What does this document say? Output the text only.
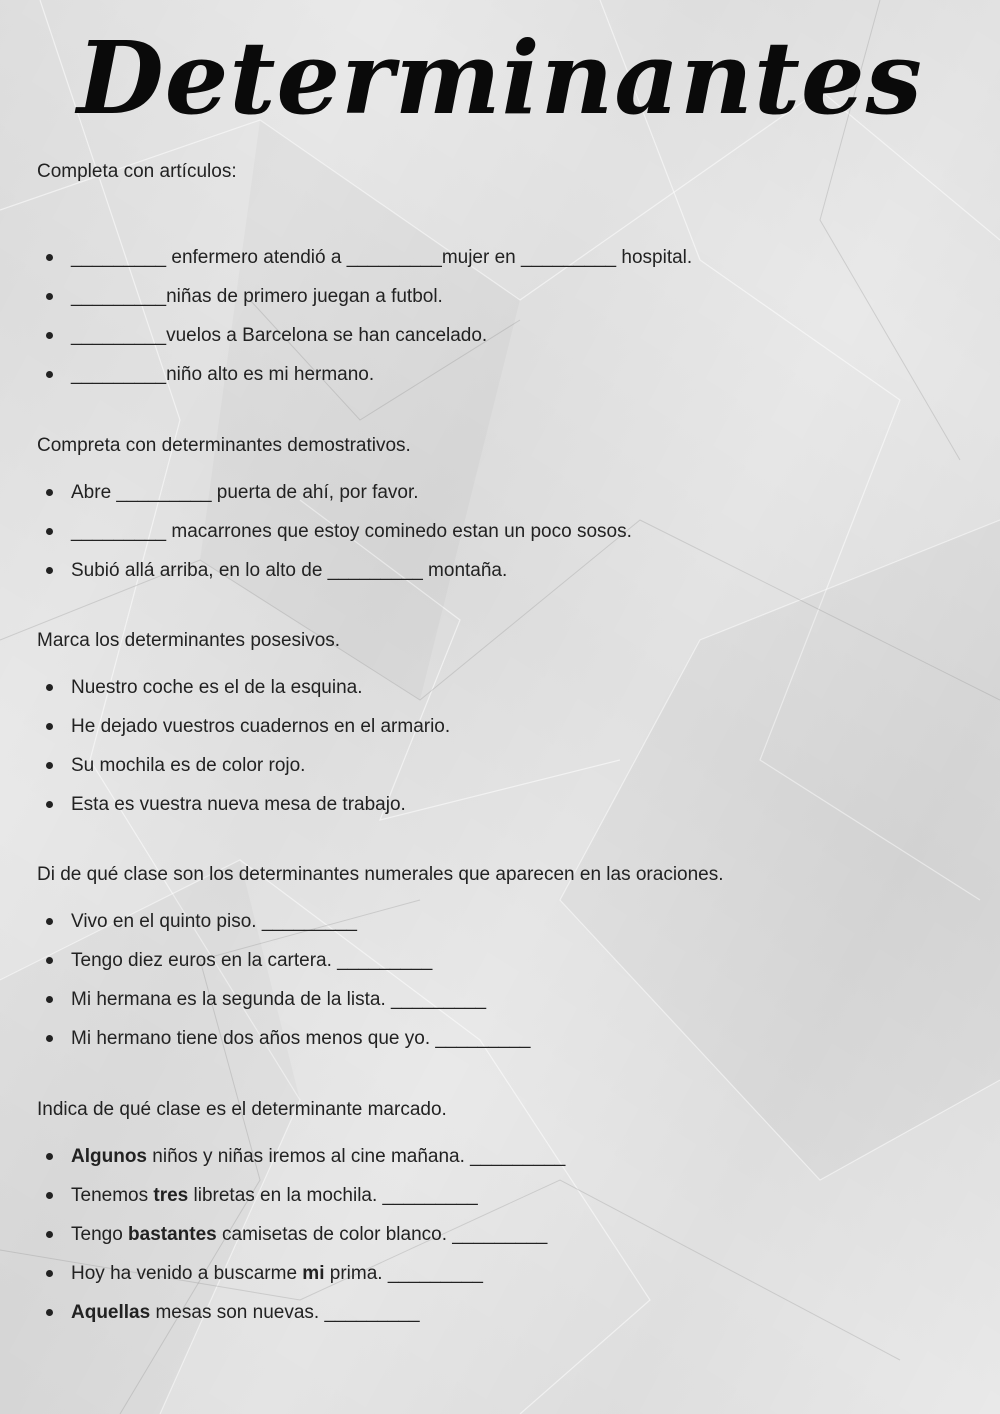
Determinantes

Completa con artículos:

_________ enfermero atendió a _________mujer en _________ hospital.
_________niñas de primero juegan a futbol.
_________vuelos a Barcelona se han cancelado.
_________niño alto es mi hermano.

Compreta con determinantes demostrativos.

Abre _________ puerta de ahí, por favor.
_________ macarrones que estoy cominedo estan un poco sosos.
Subió allá arriba, en lo alto de _________ montaña.

Marca los determinantes posesivos.

Nuestro coche es el de la esquina.
He dejado vuestros cuadernos en el armario.
Su mochila es de color rojo.
Esta es vuestra nueva mesa de trabajo.

Di de qué clase son los determinantes numerales que aparecen en las oraciones.

Vivo en el quinto piso. _________
Tengo diez euros en la cartera. _________
Mi hermana es la segunda de la lista. _________
Mi hermano tiene dos años menos que yo. _________

Indica de qué clase es el determinante marcado.

Algunos niños y niñas iremos al cine mañana. _________
Tenemos tres libretas en la mochila. _________
Tengo bastantes camisetas de color blanco. _________
Hoy ha venido a buscarme mi prima. _________
Aquellas mesas son nuevas. _________
